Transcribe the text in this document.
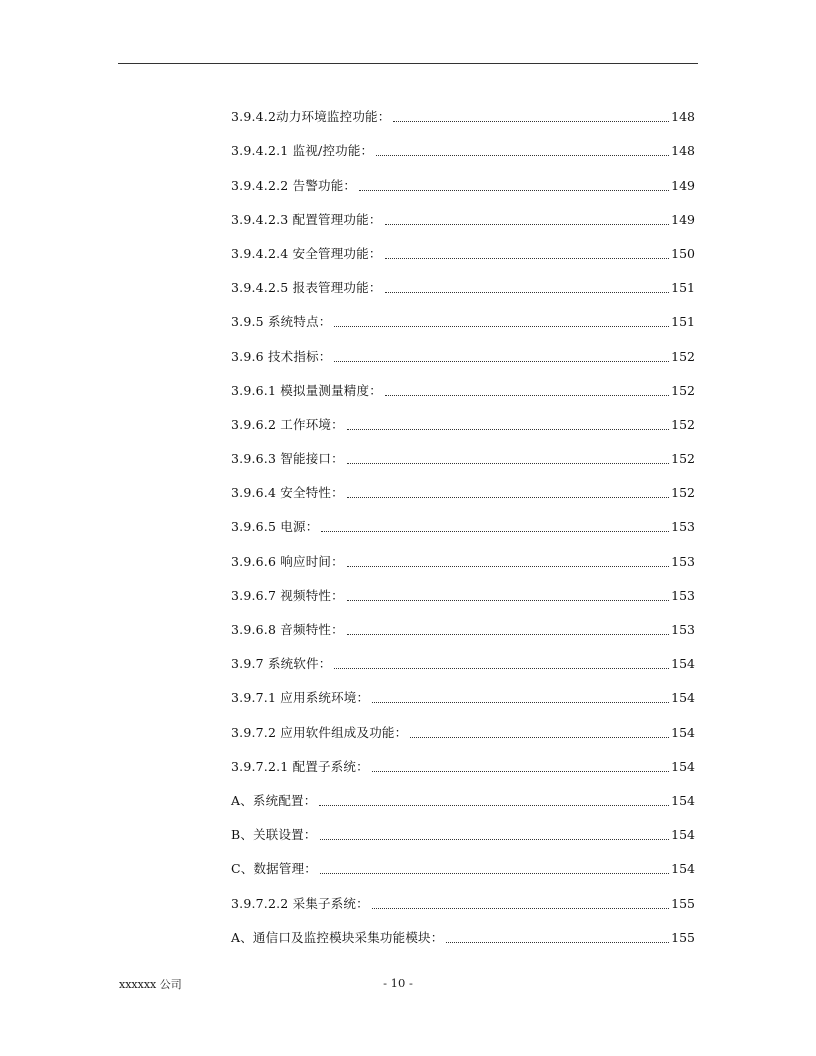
3.9.4.2动力环境监控功能：	148
3.9.4.2.1 监视/控功能：	148
3.9.4.2.2 告警功能：	149
3.9.4.2.3 配置管理功能：	149
3.9.4.2.4 安全管理功能：	150
3.9.4.2.5 报表管理功能：	151
3.9.5 系统特点：	151
3.9.6 技术指标：	152
3.9.6.1 模拟量测量精度：	152
3.9.6.2 工作环境：	152
3.9.6.3 智能接口：	152
3.9.6.4 安全特性：	152
3.9.6.5 电源：	153
3.9.6.6 响应时间：	153
3.9.6.7 视频特性：	153
3.9.6.8 音频特性：	153
3.9.7 系统软件：	154
3.9.7.1 应用系统环境：	154
3.9.7.2 应用软件组成及功能：	154
3.9.7.2.1 配置子系统：	154
A、系统配置：	154
B、关联设置：	154
C、数据管理：	154
3.9.7.2.2 采集子系统：	155
A、通信口及监控模块采集功能模块：	155
xxxxxx 公司	- 10 -
